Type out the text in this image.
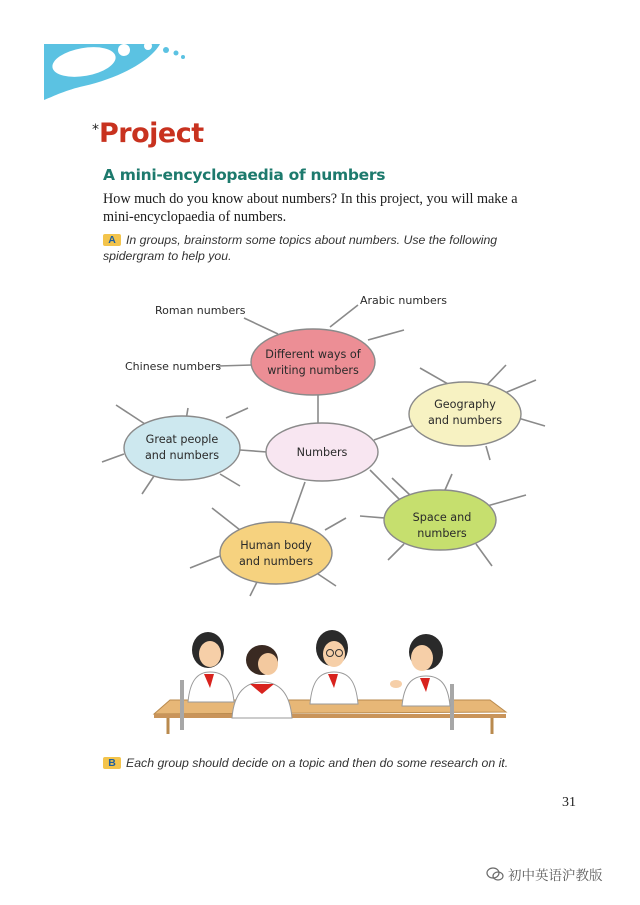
*Project
A mini-encyclopaedia of numbers
How much do you know about numbers? In this project, you will make a mini-encyclopaedia of numbers.
A In groups, brainstorm some topics about numbers. Use the following spidergram to help you.
Different ways of
writing numbers
Geography
and numbers
Great people
and numbers
Space and
numbers
Human body
and numbers
Numbers
Roman numbers
Arabic numbers
Chinese numbers
B Each group should decide on a topic and then do some research on it.
31
初中英语沪教版
